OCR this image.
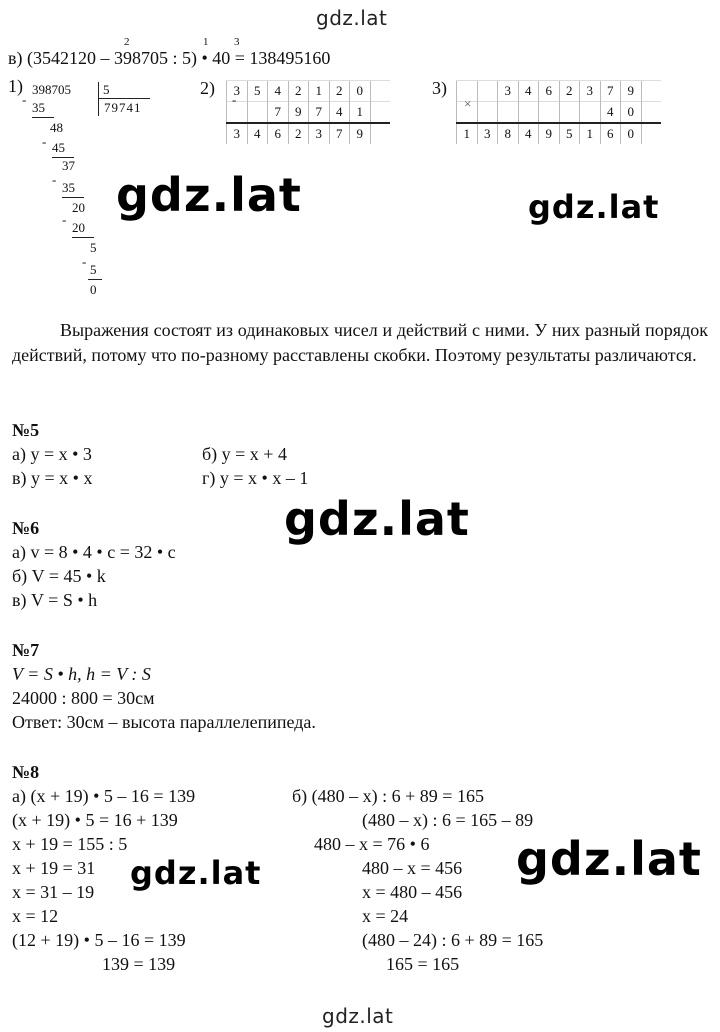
gdz.lat
gdz.lat
2	1 3
в) (3542120 – 398705 : 5) • 40 = 138495160
1)	2)	3)
398705 5
79741
-
35
48
- 45
37
-
35
20
-
20
5
-
5
0
3	5	4	2	1	2	0	
		7	9	7	4	1	
3	4	6	2	3	7	9	
-
		3	4	6	2	3	7	9	
							4	0	
1	3	8	4	9	5	1	6	0	
×
gdz.lat	gdz.lat
gdz.lat
gdz.lat	gdz.lat
Выражения состоят из одинаковых чисел и действий с ними. У них разный порядок действий, потому что по-разному расставлены скобки. Поэтому результаты различаются.
№5
а) y = x • 3	б) y = x + 4
в) y = x • x	г) y = x • x – 1
№6
а) v = 8 • 4 • c = 32 • c
б) V = 45 • k
в) V = S • h
№7
V = S • h, h = V : S
24000 : 800 = 30см
Ответ: 30см – высота параллелепипеда.
№8
а) (x + 19) • 5 – 16 = 139
(x + 19) • 5 = 16 + 139
x + 19 = 155 : 5
x + 19 = 31
x = 31 – 19
x = 12
(12 + 19) • 5 – 16 = 139
139 = 139
б) (480 – x) : 6 + 89 = 165
(480 – x) : 6 = 165 – 89
480 – x = 76 • 6
480 – x = 456
x = 480 – 456
x = 24
(480 – 24) : 6 + 89 = 165
165 = 165
